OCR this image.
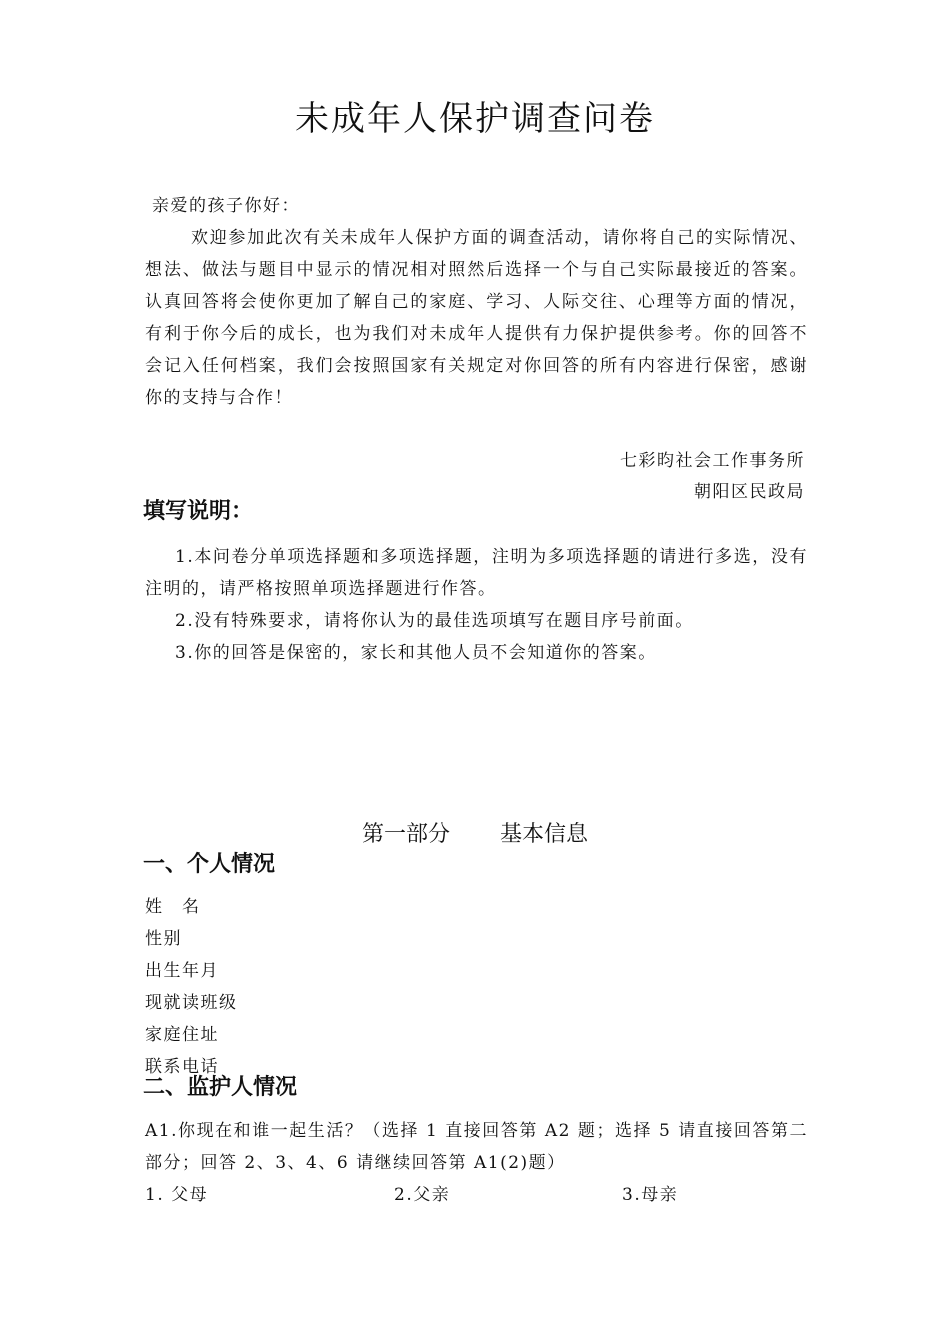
未成年人保护调查问卷
亲爱的孩子你好：
欢迎参加此次有关未成年人保护方面的调查活动，请你将自己的实际情况、想法、做法与题目中显示的情况相对照然后选择一个与自己实际最接近的答案。认真回答将会使你更加了解自己的家庭、学习、人际交往、心理等方面的情况，有利于你今后的成长，也为我们对未成年人提供有力保护提供参考。你的回答不会记入任何档案，我们会按照国家有关规定对你回答的所有内容进行保密，感谢你的支持与合作！
七彩昀社会工作事务所
朝阳区民政局
填写说明：
1.本问卷分单项选择题和多项选择题，注明为多项选择题的请进行多选，没有注明的，请严格按照单项选择题进行作答。
2.没有特殊要求，请将你认为的最佳选项填写在题目序号前面。
3.你的回答是保密的，家长和其他人员不会知道你的答案。
第一部分 基本信息
一、个人情况
姓　名
性别
出生年月
现就读班级
家庭住址
联系电话
二、监护人情况
A1.你现在和谁一起生活？（选择 1 直接回答第 A2 题；选择 5 请直接回答第二部分；回答 2、3、4、6 请继续回答第 A1(2)题）
1. 父母	2.父亲	3.母亲
